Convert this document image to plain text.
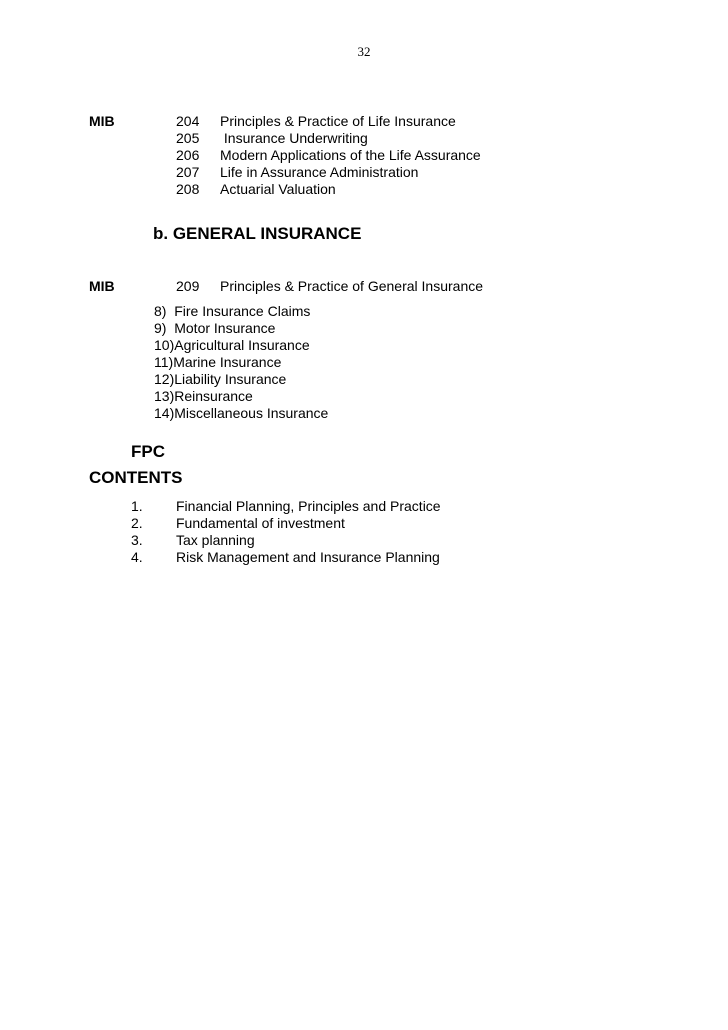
32
MIB

	204

Principles & Practice of Life Insurance

205

Insurance Underwriting

206

Modern Applications of the Life Assurance

207

Life in Assurance Administration

208

Actuarial Valuation

b. GENERAL INSURANCE
MIB

	209

Principles & Practice of General Insurance

8)  Fire Insurance Claims
9)  Motor Insurance
10)Agricultural Insurance
11)Marine Insurance
12)Liability Insurance
13)Reinsurance
14)Miscellaneous Insurance
FPC
CONTENTS

1.

Financial Planning, Principles and Practice

2.

Fundamental of investment

3.

Tax planning

4.

Risk Management and Insurance Planning
